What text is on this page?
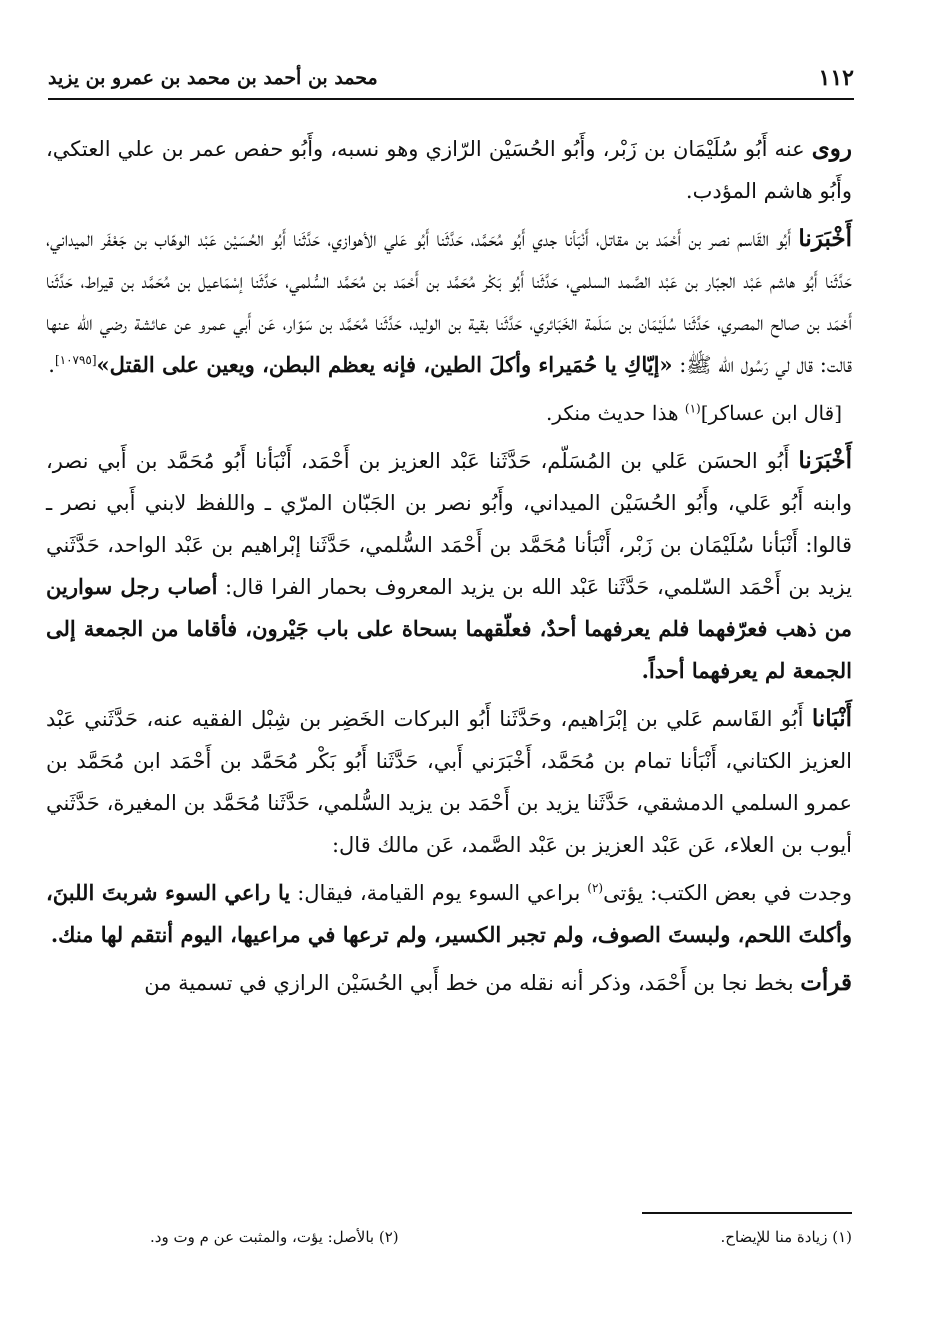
١١٢
محمد بن أحمد بن محمد بن عمرو بن يزيد

روى عنه أَبُو سُلَيْمَان بن زَبْر، وأَبُو الحُسَيْن الرّازي وهو نسبه، وأَبُو حفص عمر بن علي العتكي، وأَبُو هاشم المؤدب.

أَخْبَرَنا أَبُو القَاسم نصر بن أَحْمَد بن مقاتل، أَنْبَأنا جدي أَبُو مُحَمَّد، حَدَّثَنا أَبُو عَلي الأهوازي، حَدَّثَنا أَبُو الحُسَيْن عَبْد الوهّاب بن جَعْفَر الميداني، حَدَّثَنا أَبُو هاشم عَبْد الجبّار بن عَبْد الصَّمد السلمي، حَدَّثَنا أَبُو بَكْر مُحَمَّد بن أَحْمَد بن مُحَمَّد السُّلمي، حَدَّثَنا إسْمَاعيل بن مُحَمَّد بن قيراط، حَدَّثَنا أَحْمَد بن صالح المصري، حَدَّثَنا سُلَيْمَان بن سَلَمة الخَبَائري، حَدَّثَنا بقية بن الوليد، حَدَّثَنا مُحَمَّد بن سَوّار، عَن أَبي عمرو عن عائشة رضي الله عنها قالت: قال لي رَسُول الله ﷺ: «إيّاكِ يا حُمَيراء وأكلَ الطين، فإنه يعظم البطن، ويعين على القتل»[١٠٧٩٥].

[قال ابن عساكر]$^{(١)}$ هذا حديث منكر.

أَخْبَرَنا أَبُو الحسَن عَلي بن المُسَلّم، حَدَّثَنا عَبْد العزيز بن أَحْمَد، أَنْبَأنا أَبُو مُحَمَّد بن أَبي نصر، وابنه أَبُو عَلي، وأَبُو الحُسَيْن الميداني، وأَبُو نصر بن الجَبّان المرّي ـ واللفظ لابني أَبي نصر ـ قالوا: أَنْبَأنا سُلَيْمَان بن زَبْر، أَنْبَأنا مُحَمَّد بن أَحْمَد السُّلمي، حَدَّثَنا إبْراهيم بن عَبْد الواحد، حَدَّثَني يزيد بن أَحْمَد السّلمي، حَدَّثَنا عَبْد الله بن يزيد المعروف بحمار الفرا قال: أصاب رجل سوارين من ذهب فعرّفهما فلم يعرفهما أحدٌ، فعلّقهما بسحاة على باب جَيْرون، فأقاما من الجمعة إلى الجمعة لم يعرفهما أحداً.

أَنْبَانا أَبُو القَاسم عَلي بن إبْرَاهيم، وحَدَّثَنا أَبُو البركات الخَضِر بن شِبْل الفقيه عنه، حَدَّثَني عَبْد العزيز الكتاني، أَنْبَأنا تمام بن مُحَمَّد، أَخْبَرَني أَبي، حَدَّثَنا أَبُو بَكْر مُحَمَّد بن أَحْمَد ابن مُحَمَّد بن عمرو السلمي الدمشقي، حَدَّثَنا يزيد بن أَحْمَد بن يزيد السُّلمي، حَدَّثَنا مُحَمَّد بن المغيرة، حَدَّثَني أيوب بن العلاء، عَن عَبْد العزيز بن عَبْد الصَّمد، عَن مالك قال:

وجدت في بعض الكتب: يؤتى$^{(٢)}$ براعي السوء يوم القيامة، فيقال: يا راعي السوء شربتَ اللبنَ، وأكلتَ اللحم، ولبستَ الصوف، ولم تجبر الكسير، ولم ترعها في مراعيها، اليوم أنتقم لها منك.

قرأت بخط نجا بن أَحْمَد، وذكر أنه نقله من خط أَبي الحُسَيْن الرازي في تسمية من

(١) زيادة منا للإيضاح.
(٢) بالأصل: يؤت، والمثبت عن م وت ود.
